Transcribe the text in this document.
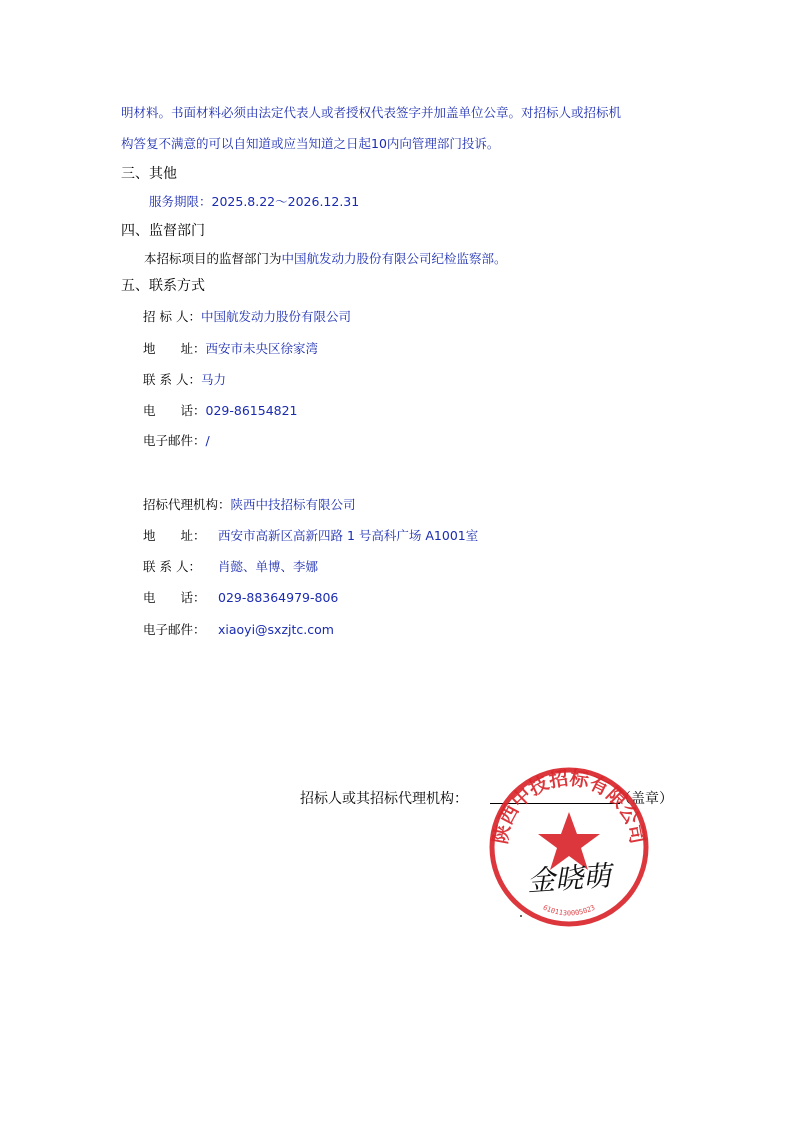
明材料。书面材料必须由法定代表人或者授权代表签字并加盖单位公章。对招标人或招标机
构答复不满意的可以自知道或应当知道之日起10内向管理部门投诉。
三、其他
服务期限：2025.8.22～2026.12.31
四、监督部门
本招标项目的监督部门为中国航发动力股份有限公司纪检监察部。
五、联系方式
招 标 人：中国航发动力股份有限公司
地　　址：西安市未央区徐家湾
联 系 人：马力
电　　话：029-86154821
电子邮件：/
招标代理机构：陕西中技招标有限公司
地　　址： 西安市高新区高新四路 1 号高科广场 A1001室
联 系 人： 肖懿、单博、李娜
电　　话： 029-88364979-806
电子邮件： xiaoyi@sxzjtc.com
招标人或其招标代理机构：	（盖章）
陕西中技招标有限公司
6101130005023
金晓萌
